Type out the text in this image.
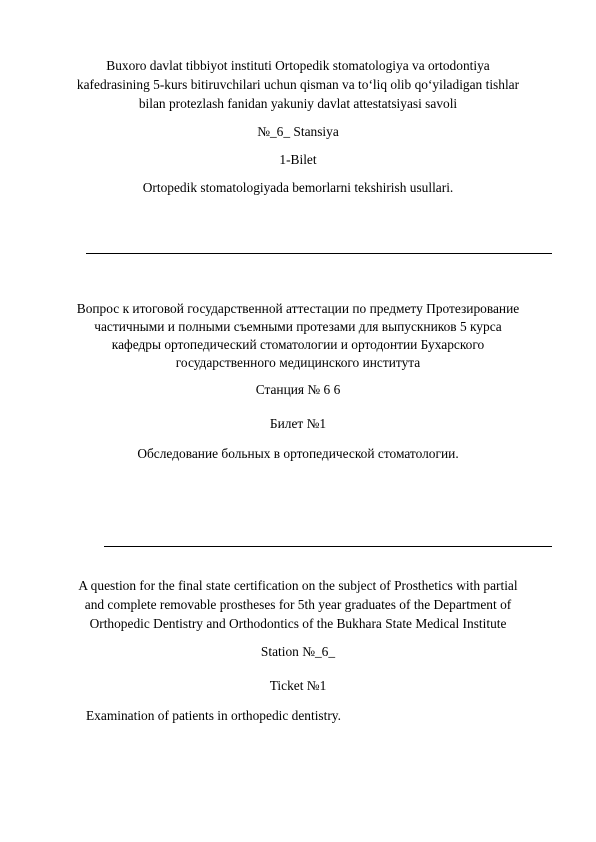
Buxoro davlat tibbiyot instituti Ortopedik stomatologiya va ortodontiya
kafedrasining 5-kurs bitiruvchilari uchun qisman va to‘liq olib qo‘yiladigan tishlar
bilan protezlash fanidan yakuniy davlat attestatsiyasi savoli
№_6_ Stansiya
1-Bilet
Ortopedik stomatologiyada bemorlarni tekshirish usullari.
Вопрос к итоговой государственной аттестации по предмету Протезирование
частичными и полными съемными протезами для выпускников 5 курса
кафедры ортопедический стоматологии и ортодонтии Бухарского
государственного медицинского института
Станция № 6 6
Билет №1
Обследование больных в ортопедической стоматологии.
A question for the final state certification on the subject of Prosthetics with partial
and complete removable prostheses for 5th year graduates of the Department of
Orthopedic Dentistry and Orthodontics of the Bukhara State Medical Institute
Station №_6_
Ticket №1
Examination of patients in orthopedic dentistry.
